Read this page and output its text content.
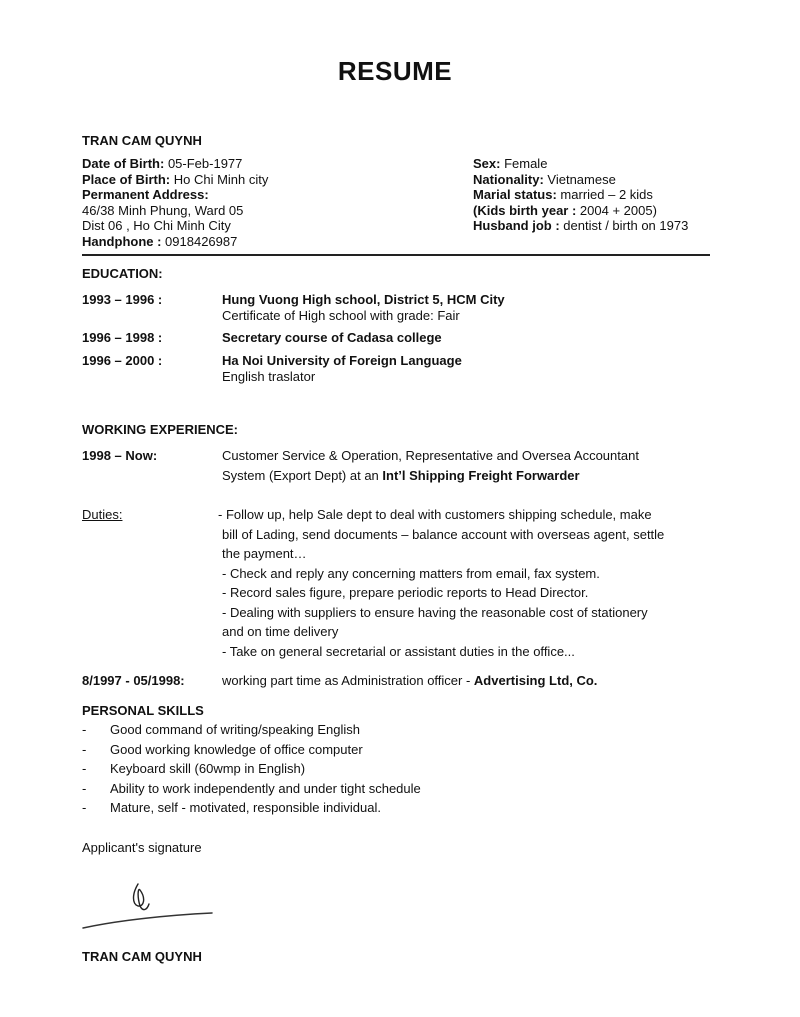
RESUME
TRAN CAM QUYNH
Date of Birth: 05-Feb-1977
Place of Birth: Ho Chi Minh city
Permanent Address:
46/38 Minh Phung, Ward 05
Dist 06 , Ho Chi Minh City
Handphone : 0918426987
Sex: Female
Nationality: Vietnamese
Marial status: married – 2 kids
(Kids birth year : 2004 + 2005)
Husband job : dentist / birth on 1973
EDUCATION:
1993 – 1996 :	Hung Vuong High school, District 5, HCM City
Certificate of High school with grade: Fair
1996 – 1998 :	Secretary course of Cadasa college
1996 – 2000 :	Ha Noi University of Foreign Language
English traslator
WORKING EXPERIENCE:
1998 – Now:	Customer Service & Operation, Representative and Oversea Accountant
System (Export Dept) at an Int’l Shipping Freight Forwarder
Duties:	- Follow up, help Sale dept to deal with customers shipping schedule, make
bill of Lading, send documents – balance account with overseas agent, settle
the payment…
- Check and reply any concerning matters from email, fax system.
- Record sales figure, prepare periodic reports to Head Director.
- Dealing with suppliers to ensure having the reasonable cost of stationery
and on time delivery
- Take on general secretarial or assistant duties in the office...
8/1997 - 05/1998:	working part time as Administration officer - Advertising Ltd, Co.
PERSONAL SKILLS
- Good command of writing/speaking English
- Good working knowledge of office computer
- Keyboard skill (60wmp in English)
- Ability to work independently and under tight schedule
- Mature, self - motivated, responsible individual.
Applicant's signature
TRAN CAM QUYNH
